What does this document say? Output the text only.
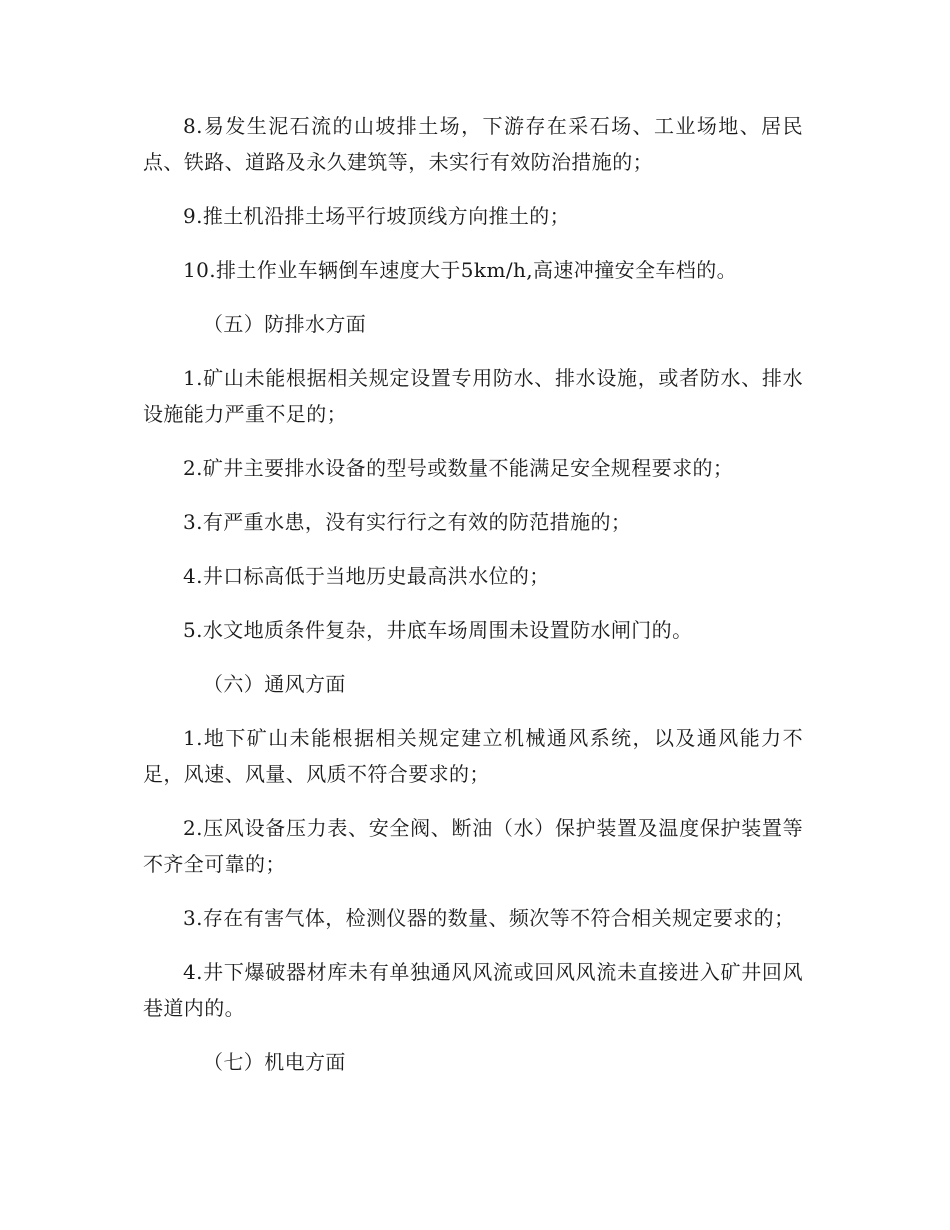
8.易发生泥石流的山坡排土场，下游存在采石场、工业场地、居民点、铁路、道路及永久建筑等，未实行有效防治措施的；

9.推土机沿排土场平行坡顶线方向推土的；

10.排土作业车辆倒车速度大于5km/h,高速冲撞安全车档的。

（五）防排水方面

1.矿山未能根据相关规定设置专用防水、排水设施，或者防水、排水设施能力严重不足的；

2.矿井主要排水设备的型号或数量不能满足安全规程要求的；

3.有严重水患，没有实行行之有效的防范措施的；

4.井口标高低于当地历史最高洪水位的；

5.水文地质条件复杂，井底车场周围未设置防水闸门的。

（六）通风方面

1.地下矿山未能根据相关规定建立机械通风系统，以及通风能力不足，风速、风量、风质不符合要求的；

2.压风设备压力表、安全阀、断油（水）保护装置及温度保护装置等不齐全可靠的；

3.存在有害气体，检测仪器的数量、频次等不符合相关规定要求的；

4.井下爆破器材库未有单独通风风流或回风风流未直接进入矿井回风巷道内的。

（七）机电方面
